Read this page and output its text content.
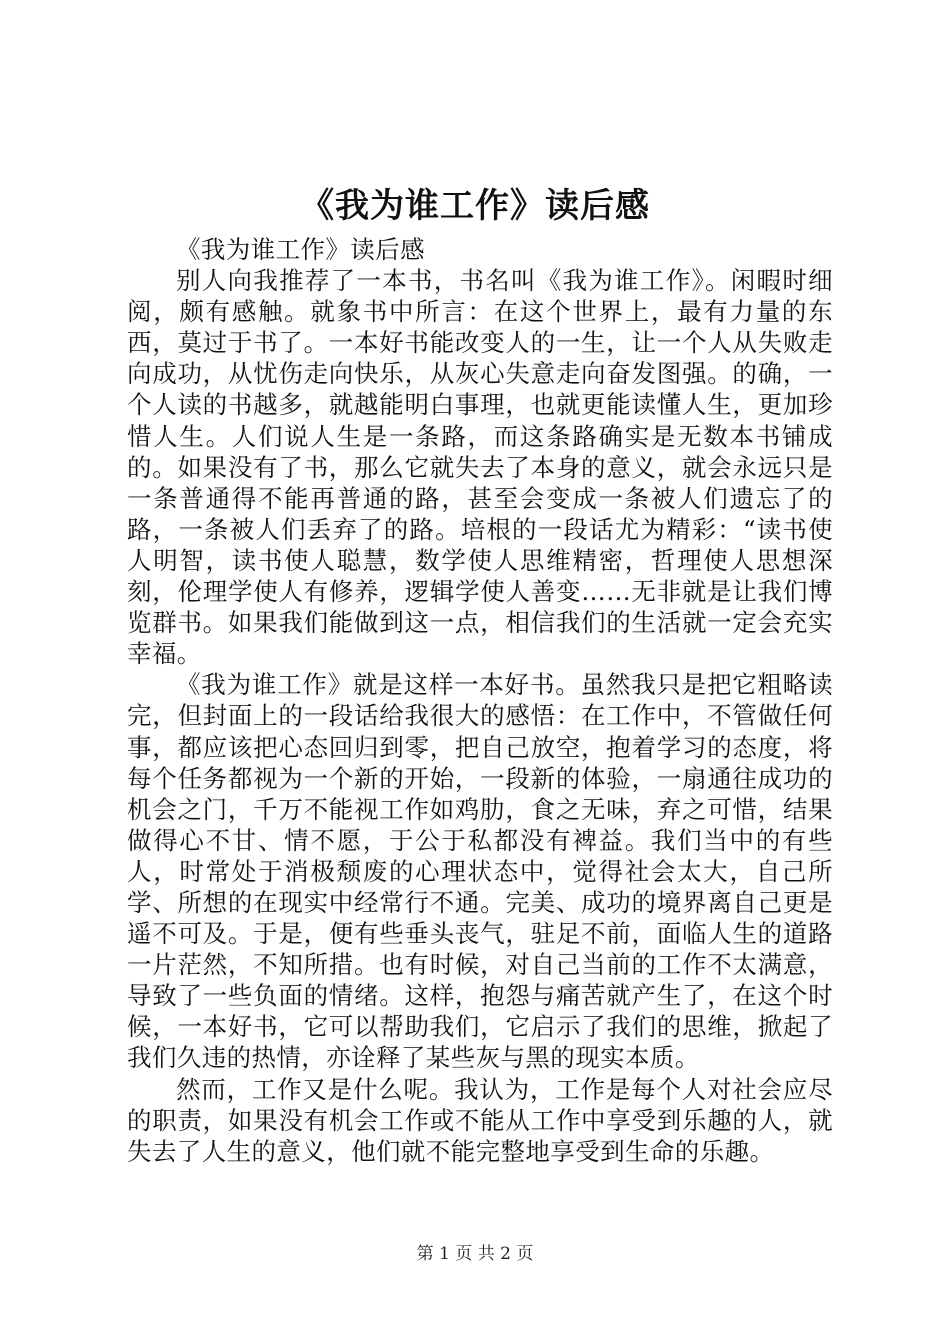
《我为谁工作》读后感

《我为谁工作》读后感

别人向我推荐了一本书，书名叫《我为谁工作》。闲暇时细阅，颇有感触。就象书中所言：在这个世界上，最有力量的东西，莫过于书了。一本好书能改变人的一生，让一个人从失败走向成功，从忧伤走向快乐，从灰心失意走向奋发图强。的确，一个人读的书越多，就越能明白事理，也就更能读懂人生，更加珍惜人生。人们说人生是一条路，而这条路确实是无数本书铺成的。如果没有了书，那么它就失去了本身的意义，就会永远只是一条普通得不能再普通的路，甚至会变成一条被人们遗忘了的路，一条被人们丢弃了的路。培根的一段话尤为精彩：“读书使人明智，读书使人聪慧，数学使人思维精密，哲理使人思想深刻，伦理学使人有修养，逻辑学使人善变……无非就是让我们博览群书。如果我们能做到这一点，相信我们的生活就一定会充实幸福。

《我为谁工作》就是这样一本好书。虽然我只是把它粗略读完，但封面上的一段话给我很大的感悟：在工作中，不管做任何事，都应该把心态回归到零，把自己放空，抱着学习的态度，将每个任务都视为一个新的开始，一段新的体验，一扇通往成功的机会之门，千万不能视工作如鸡肋，食之无味，弃之可惜，结果做得心不甘、情不愿，于公于私都没有裨益。我们当中的有些人，时常处于消极颓废的心理状态中，觉得社会太大，自己所学、所想的在现实中经常行不通。完美、成功的境界离自己更是遥不可及。于是，便有些垂头丧气，驻足不前，面临人生的道路一片茫然，不知所措。也有时候，对自己当前的工作不太满意，导致了一些负面的情绪。这样，抱怨与痛苦就产生了，在这个时候，一本好书，它可以帮助我们，它启示了我们的思维，掀起了我们久违的热情，亦诠释了某些灰与黑的现实本质。

然而，工作又是什么呢。我认为，工作是每个人对社会应尽的职责，如果没有机会工作或不能从工作中享受到乐趣的人，就失去了人生的意义，他们就不能完整地享受到生命的乐趣。

第 1 页 共 2 页
